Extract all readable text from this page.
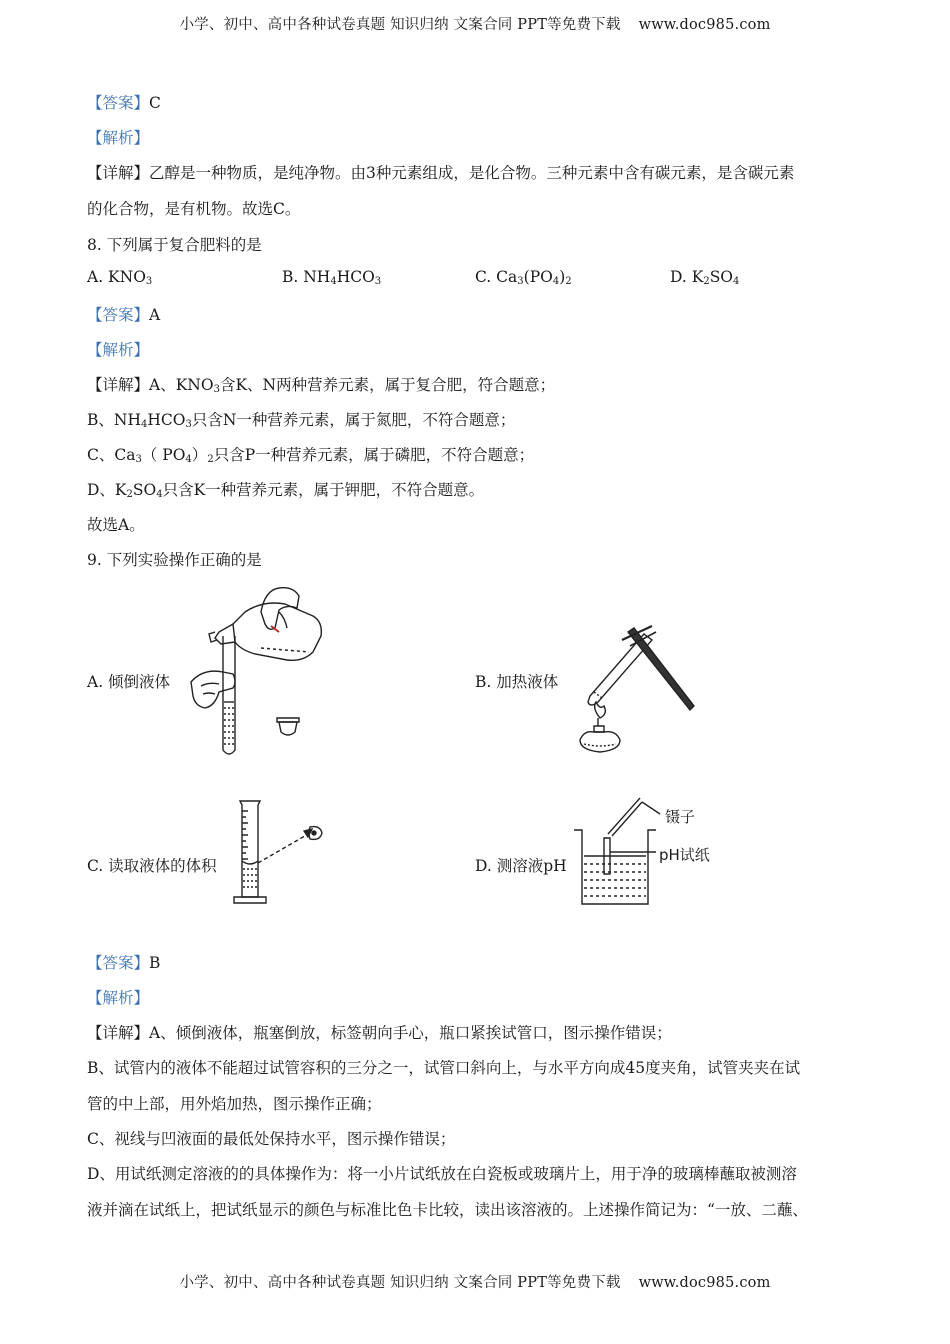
小学、初中、高中各种试卷真题 知识归纳 文案合同 PPT等免费下载 www.doc985.com
【答案】C
【解析】
【详解】乙醇是一种物质，是纯净物。由3种元素组成，是化合物。三种元素中含有碳元素，是含碳元素
的化合物，是有机物。故选C。
8. 下列属于复合肥料的是
A. $KNO_3$	B. $NH_4HCO_3$	C. $Ca_3(PO_4)_2$	D. $K_2SO_4$
【答案】A
【解析】
【详解】A、$KNO_3$含K、N两种营养元素，属于复合肥，符合题意；
B、$NH_4HCO_3$只含N一种营养元素，属于氮肥，不符合题意；
C、$Ca_3$（ $PO_4)_2$只含P一种营养元素，属于磷肥，不符合题意；
D、$K_2SO_4$只含K一种营养元素，属于钾肥，不符合题意。
故选A。
9. 下列实验操作正确的是
A. 倾倒液体	B. 加热液体
C. 读取液体的体积
镊子
pH试纸
D. 测溶液pH
【答案】B
【解析】
【详解】A、倾倒液体，瓶塞倒放，标签朝向手心，瓶口紧挨试管口，图示操作错误；
B、试管内的液体不能超过试管容积的三分之一，试管口斜向上，与水平方向成45度夹角，试管夹夹在试
管的中上部，用外焰加热，图示操作正确；
C、视线与凹液面的最低处保持水平，图示操作错误；
D、用试纸测定溶液的的具体操作为：将一小片试纸放在白瓷板或玻璃片上，用于净的玻璃棒蘸取被测溶
液并滴在试纸上，把试纸显示的颜色与标准比色卡比较，读出该溶液的。上述操作简记为：“一放、二蘸、
小学、初中、高中各种试卷真题 知识归纳 文案合同 PPT等免费下载 www.doc985.com
